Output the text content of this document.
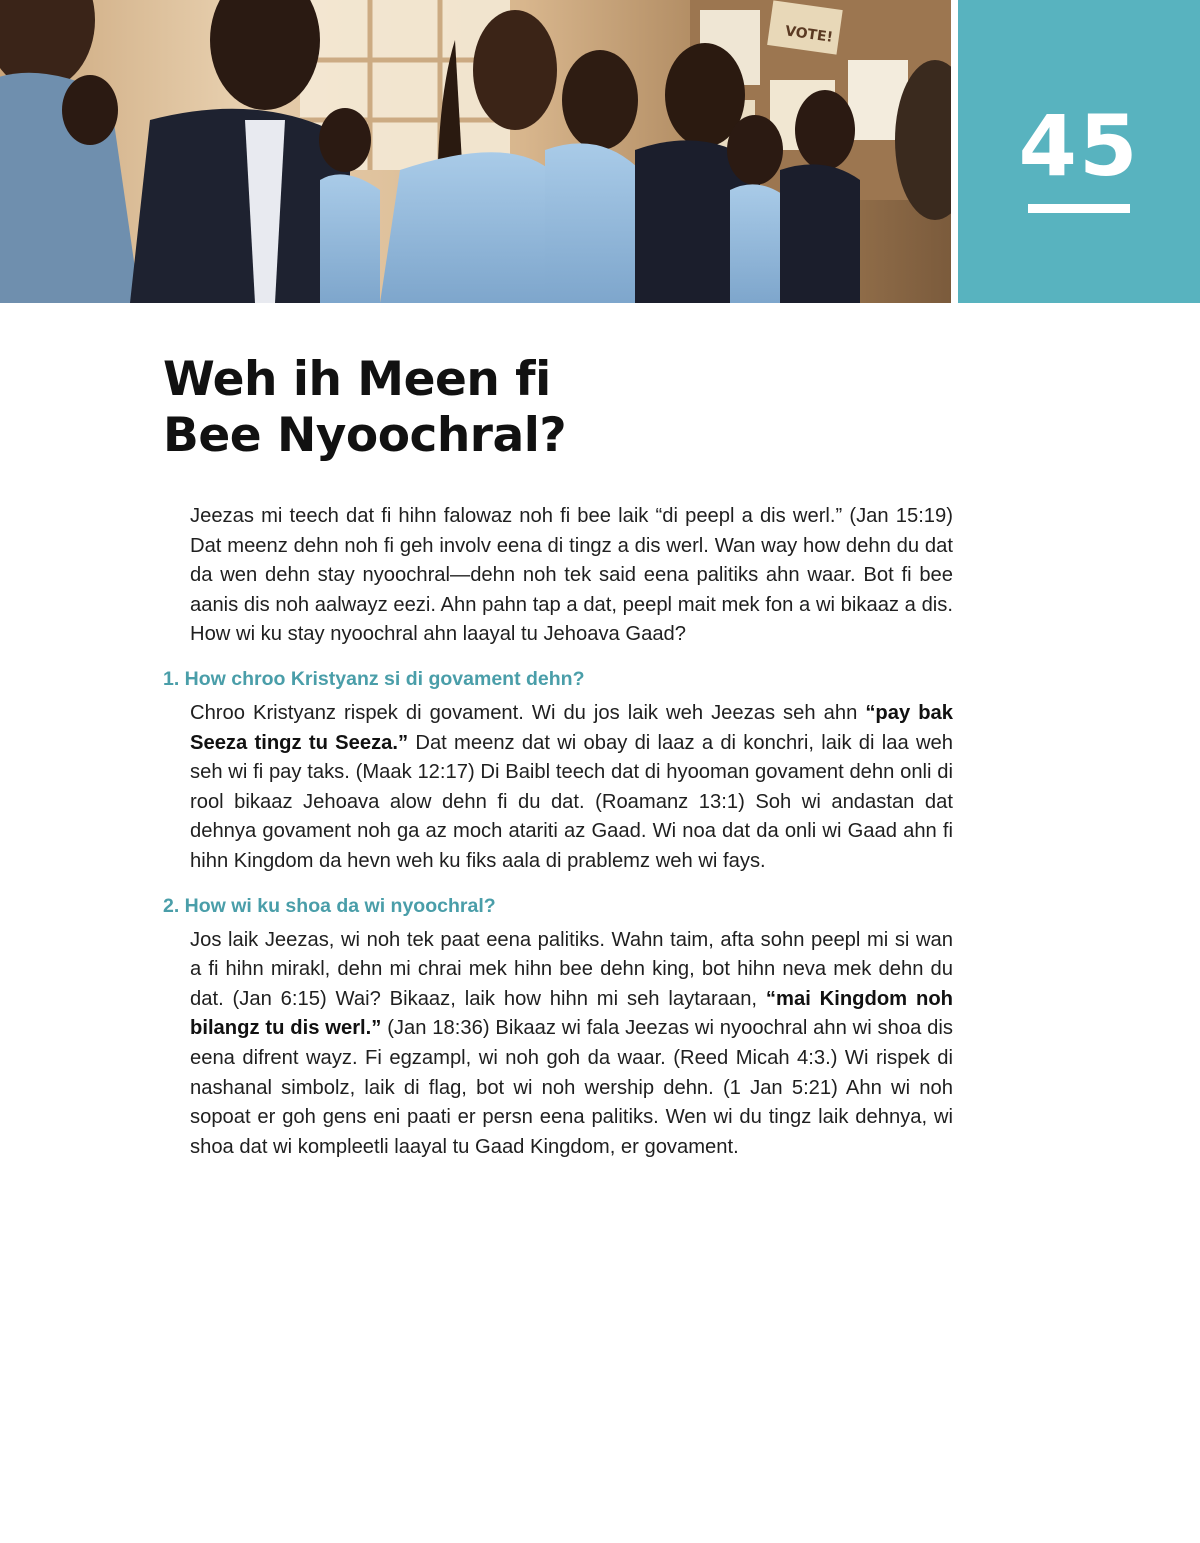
VOTE!
45
Weh ih Meen fi
Bee Nyoochral?

Jeezas mi teech dat fi hihn falowaz noh fi bee laik “di peepl a dis werl.” (Jan 15:19) Dat meenz dehn noh fi geh involv eena di tingz a dis werl. Wan way how dehn du dat da wen dehn stay nyoochral—dehn noh tek said eena palitiks ahn waar. Bot fi bee aanis dis noh aalwayz eezi. Ahn pahn tap a dat, peepl mait mek fon a wi bikaaz a dis. How wi ku stay nyoochral ahn laayal tu Jehoava Gaad?

1. How chroo Kristyanz si di govament dehn?

Chroo Kristyanz rispek di govament. Wi du jos laik weh Jeezas seh ahn “pay bak Seeza tingz tu Seeza.” Dat meenz dat wi obay di laaz a di konchri, laik di laa weh seh wi fi pay taks. (Maak 12:17) Di Baibl teech dat di hyooman govament dehn onli di rool bikaaz Jehoava alow dehn fi du dat. (Roamanz 13:1) Soh wi andastan dat dehnya govament noh ga az moch atariti az Gaad. Wi noa dat da onli wi Gaad ahn fi hihn Kingdom da hevn weh ku fiks aala di prablemz weh wi fays.

2. How wi ku shoa da wi nyoochral?

Jos laik Jeezas, wi noh tek paat eena palitiks. Wahn taim, afta sohn peepl mi si wan a fi hihn mirakl, dehn mi chrai mek hihn bee dehn king, bot hihn neva mek dehn du dat. (Jan 6:15) Wai? Bikaaz, laik how hihn mi seh laytaraan, “mai Kingdom noh bilangz tu dis werl.” (Jan 18:36) Bikaaz wi fala Jeezas wi nyoochral ahn wi shoa dis eena difrent wayz. Fi egzampl, wi noh goh da waar. (Reed Micah 4:3.) Wi rispek di nashanal simbolz, laik di flag, bot wi noh wership dehn. (1 Jan 5:21) Ahn wi noh sopoat er goh gens eni paati er persn eena palitiks. Wen wi du tingz laik dehnya, wi shoa dat wi kompleetli laayal tu Gaad Kingdom, er govament.
